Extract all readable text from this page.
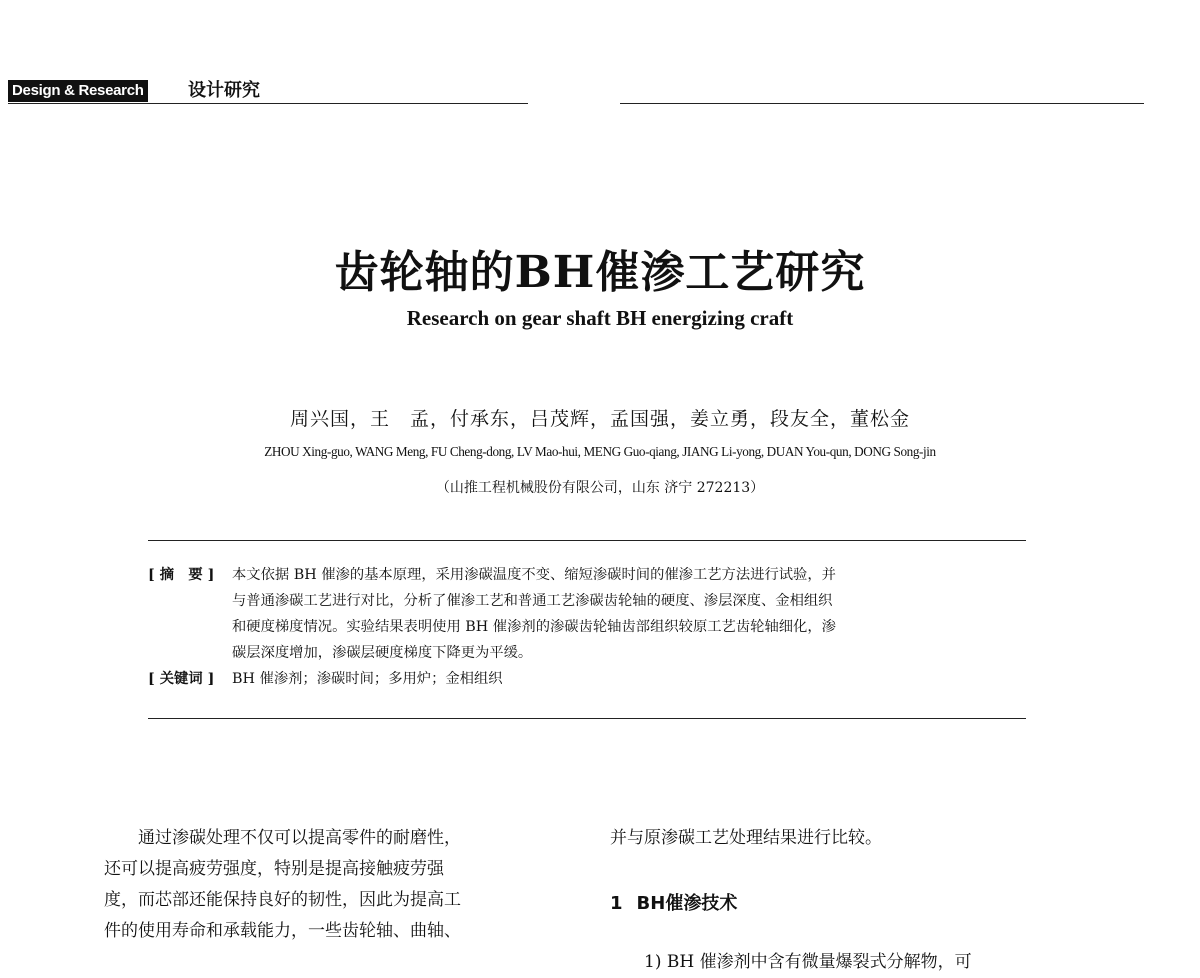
Design & Research 设计研究
齿轮轴的BH催渗工艺研究
Research on gear shaft BH energizing craft
周兴国，王　孟，付承东，吕茂辉，孟国强，姜立勇，段友全，董松金
ZHOU Xing-guo, WANG Meng, FU Cheng-dong, LV Mao-hui, MENG Guo-qiang, JIANG Li-yong, DUAN You-qun, DONG Song-jin
（山推工程机械股份有限公司，山东 济宁 272213）
[ 摘　要 ] 本文依据 BH 催渗的基本原理，采用渗碳温度不变、缩短渗碳时间的催渗工艺方法进行试验，并
与普通渗碳工艺进行对比，分析了催渗工艺和普通工艺渗碳齿轮轴的硬度、渗层深度、金相组织
和硬度梯度情况。实验结果表明使用 BH 催渗剂的渗碳齿轮轴齿部组织较原工艺齿轮轴细化，渗
碳层深度增加，渗碳层硬度梯度下降更为平缓。
[ 关键词 ] BH 催渗剂；渗碳时间；多用炉；金相组织

通过渗碳处理不仅可以提高零件的耐磨性，

还可以提高疲劳强度，特别是提高接触疲劳强

度，而芯部还能保持良好的韧性，因此为提高工

件的使用寿命和承载能力，一些齿轮轴、曲轴、

并与原渗碳工艺处理结果进行比较。

1 BH催渗技术

1) BH 催渗剂中含有微量爆裂式分解物，可
